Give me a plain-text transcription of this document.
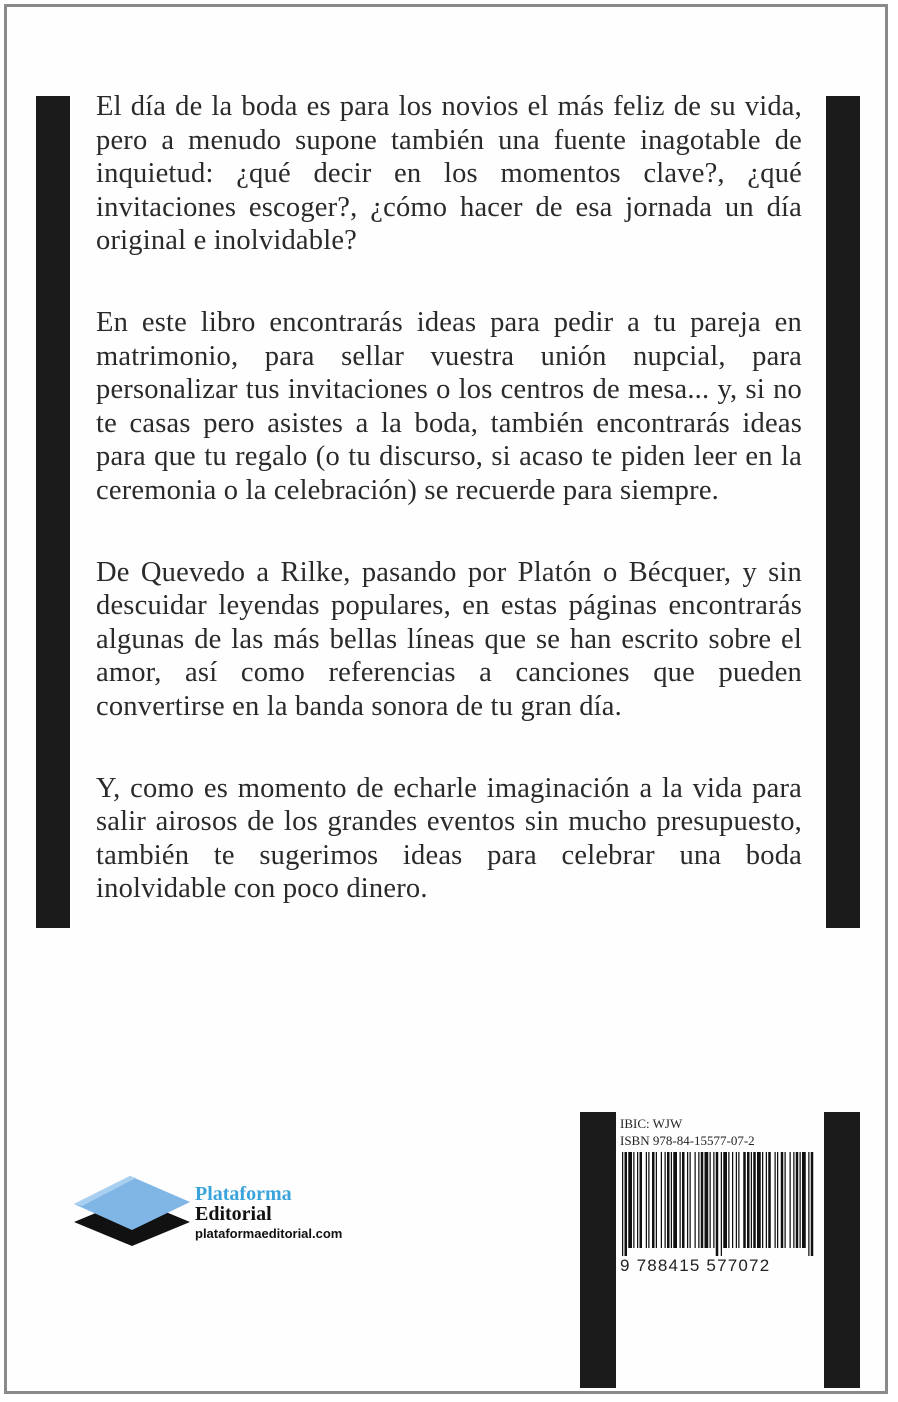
El día de la boda es para los novios el más feliz de su vida, pero a menudo supone también una fuente inagotable de inquietud: ¿qué decir en los momentos clave?, ¿qué invitaciones escoger?, ¿cómo hacer de esa jornada un día original e inolvidable?

En este libro encontrarás ideas para pedir a tu pareja en matrimonio, para sellar vuestra unión nupcial, para personalizar tus invitaciones o los centros de mesa... y, si no te casas pero asistes a la boda, también encontrarás ideas para que tu regalo (o tu discurso, si acaso te piden leer en la ceremonia o la celebración) se recuerde para siempre.

De Quevedo a Rilke, pasando por Platón o Bécquer, y sin descuidar leyendas populares, en estas páginas encontrarás algunas de las más bellas líneas que se han escrito sobre el amor, así como referencias a canciones que pueden convertirse en la banda sonora de tu gran día.

Y, como es momento de echarle imaginación a la vida para salir airosos de los grandes eventos sin mucho presupuesto, también te sugerimos ideas para celebrar una boda inolvidable con poco dinero.

Plataforma
Editorial
plataformaeditorial.com
IBIC: WJW
ISBN 978-84-15577-07-2
9 788415 577072
